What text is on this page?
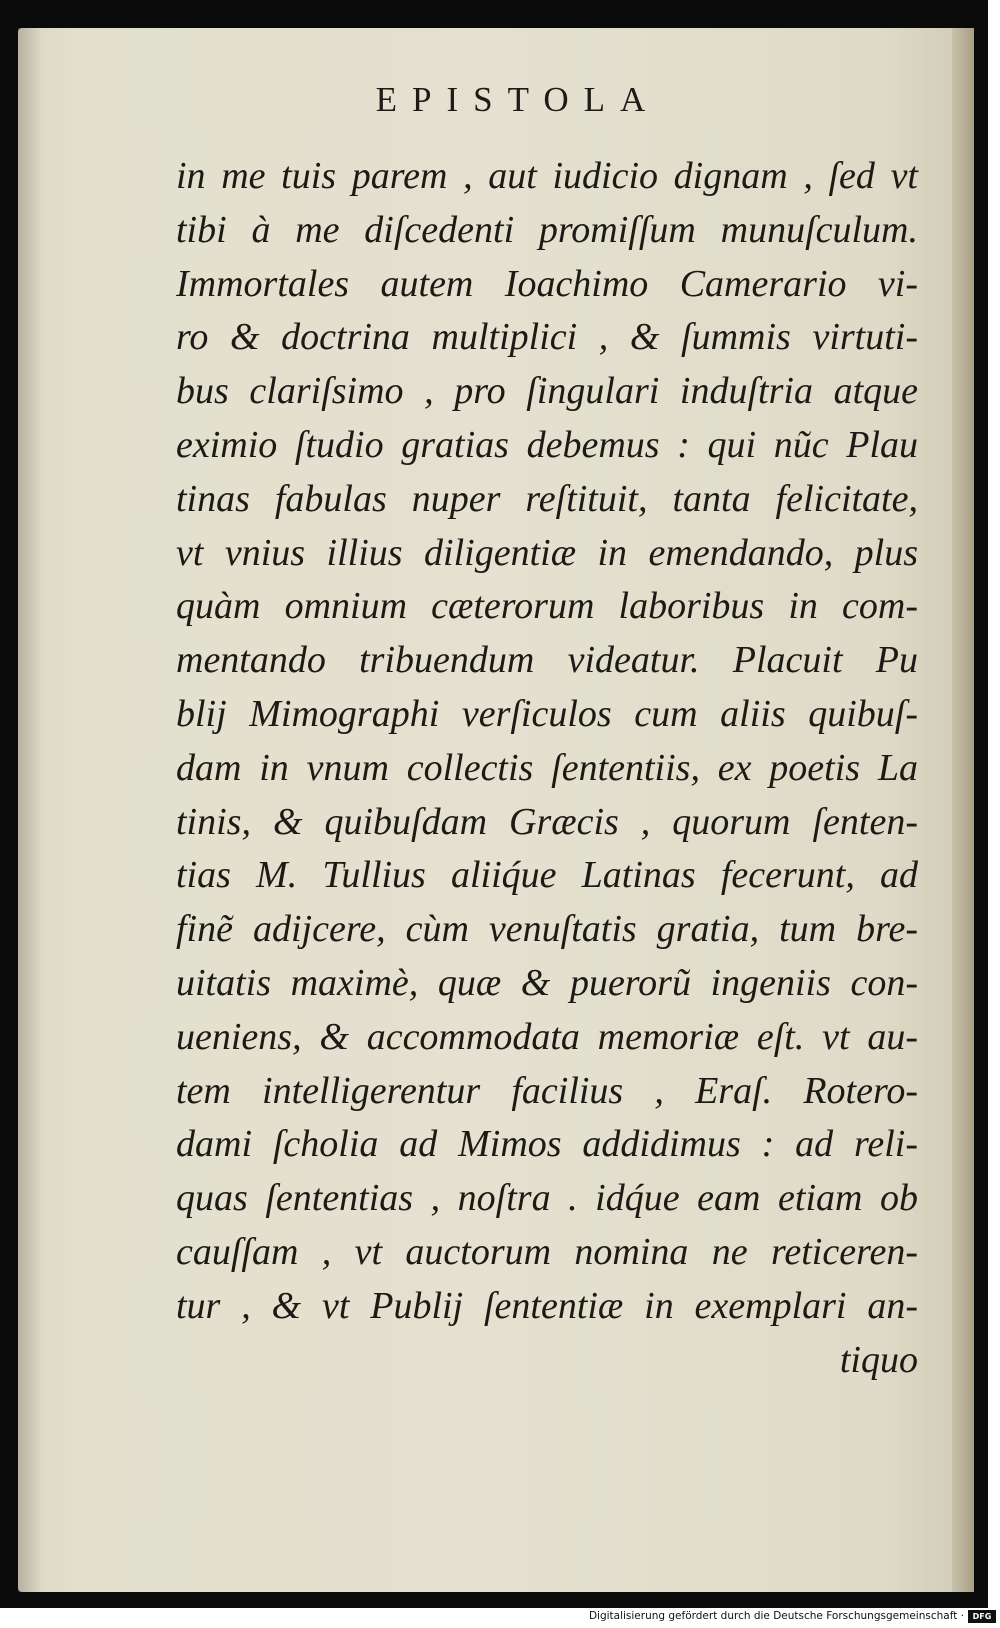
EPISTOLA
in me tuis parem , aut iudicio dignam , ſed vt
tibi à me diſcedenti promiſſum munuſculum.
Immortales autem Ioachimo Camerario vi-
ro & doctrina multiplici , & ſummis virtuti-
bus clariſsimo , pro ſingulari induſtria atque
eximio ſtudio gratias debemus : qui nũc Plau
tinas fabulas nuper reſtituit, tanta felicitate,
vt vnius illius diligentiæ in emendando, plus
quàm omnium cæterorum laboribus in com-
mentando tribuendum videatur. Placuit Pu
blij Mimographi verſiculos cum aliis quibuſ-
dam in vnum collectis ſententiis, ex poetis La
tinis, & quibuſdam Græcis , quorum ſenten-
tias M. Tullius aliiq́ue Latinas fecerunt, ad
finẽ adijcere, cùm venuſtatis gratia, tum bre-
uitatis maximè, quæ & puerorũ ingeniis con-
ueniens, & accommodata memoriæ eſt. vt au-
tem intelligerentur facilius , Eraſ. Rotero-
dami ſcholia ad Mimos addidimus : ad reli-
quas ſententias , noſtra . idq́ue eam etiam ob
cauſſam , vt auctorum nomina ne reticeren-
tur , & vt Publij ſententiæ in exemplari an-
tiquo
Digitalisierung gefördert durch die Deutsche Forschungsgemeinschaft ·	DFG
